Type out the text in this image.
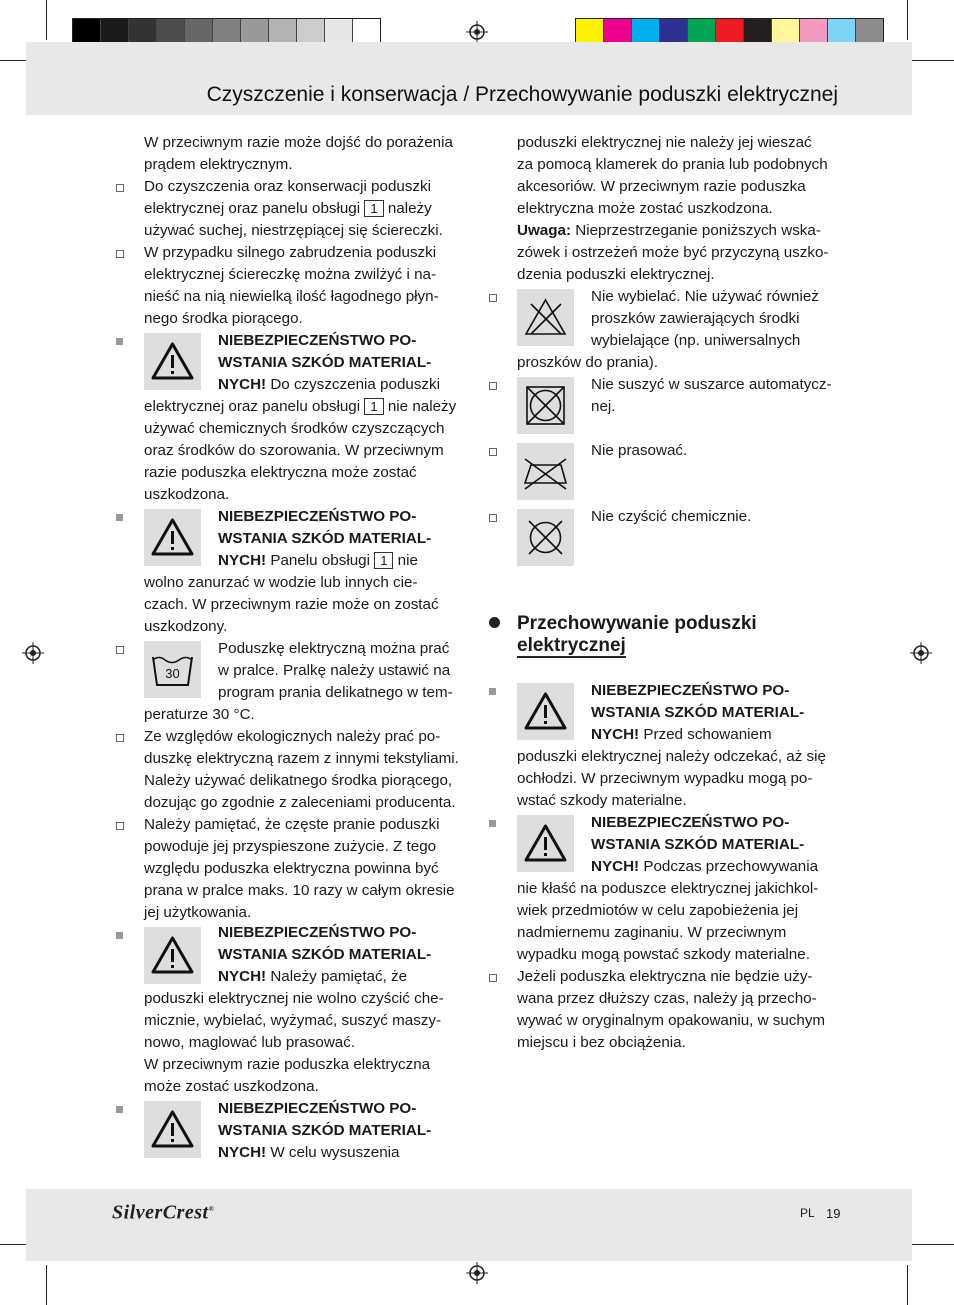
Czyszczenie i konserwacja / Przechowywanie poduszki elektrycznej
W przeciwnym razie może dojść do porażenia
prądem elektrycznym.
Do czyszczenia oraz konserwacji poduszki
elektrycznej oraz panelu obsługi 1 należy
używać suchej, niestrzępiącej się ściereczki.
W przypadku silnego zabrudzenia poduszki
elektrycznej ściereczkę można zwilżyć i na-
nieść na nią niewielką ilość łagodnego płyn-
nego środka piorącego.
NIEBEZPIECZEŃSTWO PO-
WSTANIA SZKÓD MATERIAL-
NYCH! Do czyszczenia poduszki
elektrycznej oraz panelu obsługi 1 nie należy
używać chemicznych środków czyszczących
oraz środków do szorowania. W przeciwnym
razie poduszka elektryczna może zostać
uszkodzona.
NIEBEZPIECZEŃSTWO PO-
WSTANIA SZKÓD MATERIAL-
NYCH! Panelu obsługi 1 nie
wolno zanurzać w wodzie lub innych cie-
czach. W przeciwnym razie może on zostać
uszkodzony.
30
Poduszkę elektryczną można prać
w pralce. Pralkę należy ustawić na
program prania delikatnego w tem-
peraturze 30 °C.
Ze względów ekologicznych należy prać po-
duszkę elektryczną razem z innymi tekstyliami.
Należy używać delikatnego środka piorącego,
dozując go zgodnie z zaleceniami producenta.
Należy pamiętać, że częste pranie poduszki
powoduje jej przyspieszone zużycie. Z tego
względu poduszka elektryczna powinna być
prana w pralce maks. 10 razy w całym okresie
jej użytkowania.
NIEBEZPIECZEŃSTWO PO-
WSTANIA SZKÓD MATERIAL-
NYCH! Należy pamiętać, że
poduszki elektrycznej nie wolno czyścić che-
micznie, wybielać, wyżymać, suszyć maszy-
nowo, maglować lub prasować.
W przeciwnym razie poduszka elektryczna
może zostać uszkodzona.
NIEBEZPIECZEŃSTWO PO-
WSTANIA SZKÓD MATERIAL-
NYCH! W celu wysuszenia
poduszki elektrycznej nie należy jej wieszać
za pomocą klamerek do prania lub podobnych
akcesoriów. W przeciwnym razie poduszka
elektryczna może zostać uszkodzona.
Uwaga: Nieprzestrzeganie poniższych wska-
zówek i ostrzeżeń może być przyczyną uszko-
dzenia poduszki elektrycznej.
Nie wybielać. Nie używać również
proszków zawierających środki
wybielające (np. uniwersalnych
proszków do prania).
Nie suszyć w suszarce automatycz-
nej.
Nie prasować.
Nie czyścić chemicznie.
Przechowywanie poduszki
elektrycznej
NIEBEZPIECZEŃSTWO PO-
WSTANIA SZKÓD MATERIAL-
NYCH! Przed schowaniem
poduszki elektrycznej należy odczekać, aż się
ochłodzi. W przeciwnym wypadku mogą po-
wstać szkody materialne.
NIEBEZPIECZEŃSTWO PO-
WSTANIA SZKÓD MATERIAL-
NYCH! Podczas przechowywania
nie kłaść na poduszce elektrycznej jakichkol-
wiek przedmiotów w celu zapobieżenia jej
nadmiernemu zaginaniu. W przeciwnym
wypadku mogą powstać szkody materialne.
Jeżeli poduszka elektryczna nie będzie uży-
wana przez dłuższy czas, należy ją przecho-
wywać w oryginalnym opakowaniu, w suchym
miejscu i bez obciążenia.
SilverCrest®	PL 19
